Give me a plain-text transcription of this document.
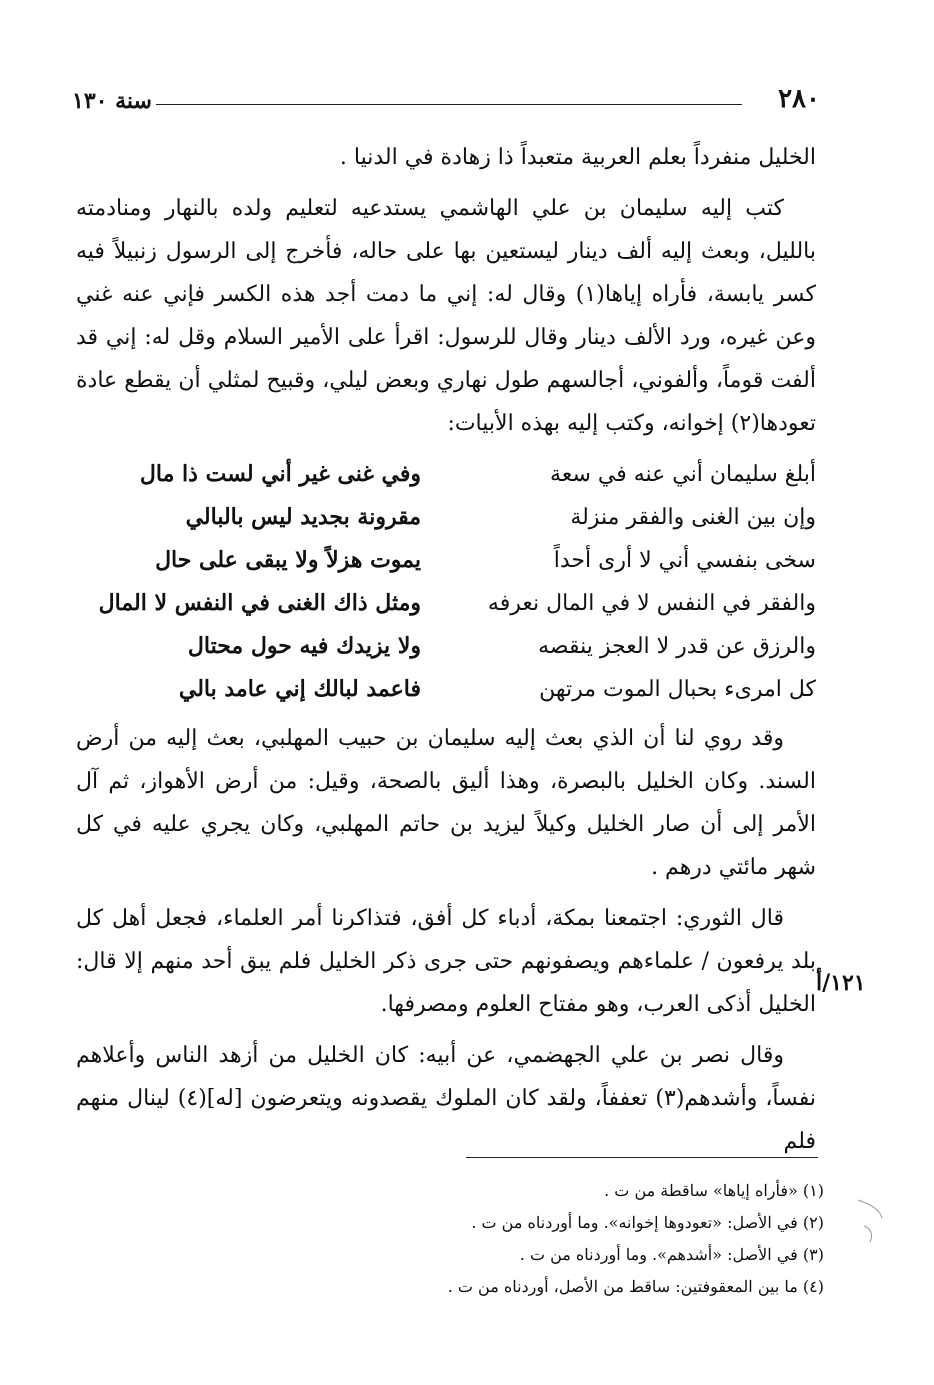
٢٨٠
سنة ١٣٠

الخليل منفرداً بعلم العربية متعبداً ذا زهادة في الدنيا .

كتب إليه سليمان بن علي الهاشمي يستدعيه لتعليم ولده بالنهار ومنادمته بالليل، وبعث إليه ألف دينار ليستعين بها على حاله، فأخرج إلى الرسول زنبيلاً فيه كسر يابسة، فأراه إياها(١) وقال له: إني ما دمت أجد هذه الكسر فإني عنه غني وعن غيره، ورد الألف دينار وقال للرسول: اقرأ على الأمير السلام وقل له: إني قد ألفت قوماً، وألفوني، أجالسهم طول نهاري وبعض ليلي، وقبيح لمثلي أن يقطع عادة تعودها(٢) إخوانه، وكتب إليه بهذه الأبيات:

أبلغ سليمان أني عنه في سعة
وفي غنى غير أني لست ذا مال
وإن بين الغنى والفقر منزلة
مقرونة بجديد ليس بالبالي
سخى بنفسي أني لا أرى أحداً
يموت هزلاً ولا يبقى على حال
والفقر في النفس لا في المال نعرفه
ومثل ذاك الغنى في النفس لا المال
والرزق عن قدر لا العجز ينقصه
ولا يزيدك فيه حول محتال
كل امرىء بحبال الموت مرتهن
فاعمد لبالك إني عامد بالي

وقد روي لنا أن الذي بعث إليه سليمان بن حبيب المهلبي، بعث إليه من أرض السند. وكان الخليل بالبصرة، وهذا أليق بالصحة، وقيل: من أرض الأهواز، ثم آل الأمر إلى أن صار الخليل وكيلاً ليزيد بن حاتم المهلبي، وكان يجري عليه في كل شهر مائتي درهم .

قال الثوري: اجتمعنا بمكة، أدباء كل أفق، فتذاكرنا أمر العلماء، فجعل أهل كل بلد يرفعون / علماءهم ويصفونهم حتى جرى ذكر الخليل فلم يبق أحد منهم إلا قال: الخليل أذكى العرب، وهو مفتاح العلوم ومصرفها.

وقال نصر بن علي الجهضمي، عن أبيه: كان الخليل من أزهد الناس وأعلاهم نفساً، وأشدهم(٣) تعففاً، ولقد كان الملوك يقصدونه ويتعرضون [له](٤) لينال منهم فلم

١٢١/أ

(١) «فأراه إياها» ساقطة من ت .

(٢) في الأصل: «تعودوها إخوانه». وما أوردناه من ت .

(٣) في الأصل: «أشدهم». وما أوردناه من ت .

(٤) ما بين المعقوفتين: ساقط من الأصل، أوردناه من ت .
